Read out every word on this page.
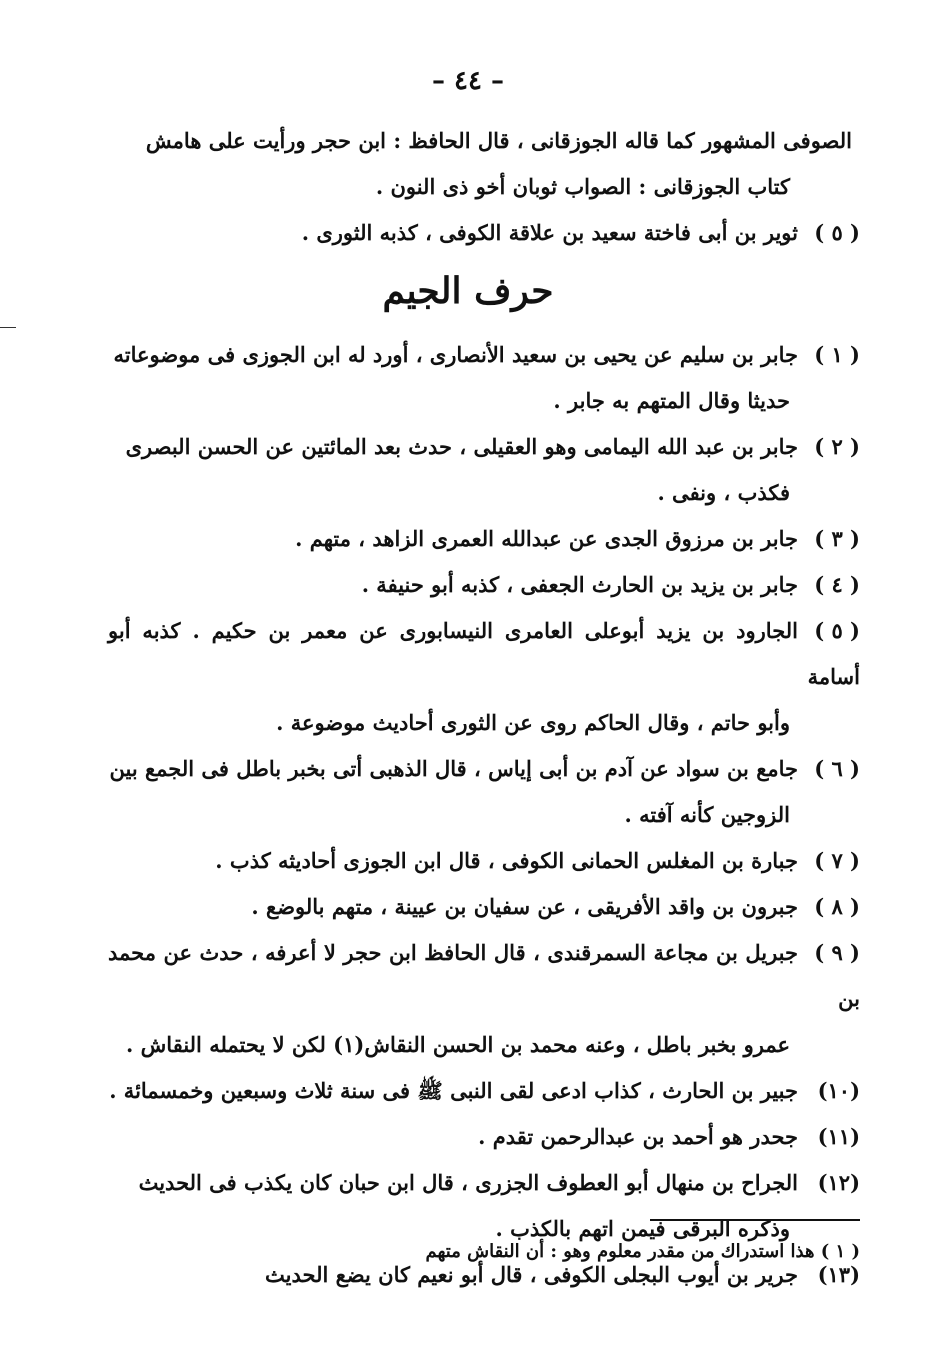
– ٤٤ –

الصوفى المشهور كما قاله الجوزقانى ، قال الحافظ : ابن حجر ورأيت على هامش

كتاب الجوزقانى : الصواب ثوبان أخو ذى النون .

( ٥ )ثوير بن أبى فاختة سعيد بن علاقة الكوفى ، كذبه الثورى .

حرف الجيم
( ١ )جابر بن سليم عن يحيى بن سعيد الأنصارى ، أورد له ابن الجوزى فى موضوعاته
حديثا وقال المتهم به جابر .
( ٢ )جابر بن عبد الله اليمامى وهو العقيلى ، حدث بعد المائتين عن الحسن البصرى
فكذب ، ونفى .
( ٣ )جابر بن مرزوق الجدى عن عبدالله العمرى الزاهد ، متهم .
( ٤ )جابر بن يزيد بن الحارث الجعفى ، كذبه أبو حنيفة .
( ٥ )الجارود بن يزيد أبوعلى العامرى النيسابورى عن معمر بن حكيم . كذبه أبو أسامة
وأبو حاتم ، وقال الحاكم روى عن الثورى أحاديث موضوعة .
( ٦ )جامع بن سواد عن آدم بن أبى إياس ، قال الذهبى أتى بخبر باطل فى الجمع بين
الزوجين كأنه آفته .
( ٧ )جبارة بن المغلس الحمانى الكوفى ، قال ابن الجوزى أحاديثه كذب .
( ٨ )جبرون بن واقد الأفريقى ، عن سفيان بن عيينة ، متهم بالوضع .
( ٩ )جبريل بن مجاعة السمرقندى ، قال الحافظ ابن حجر لا أعرفه ، حدث عن محمد بن
عمرو بخبر باطل ، وعنه محمد بن الحسن النقاش(١) لكن لا يحتمله النقاش .
(١٠)جبير بن الحارث ، كذاب ادعى لقى النبى ﷺ فى سنة ثلاث وسبعين وخمسمائة .
(١١)جحدر هو أحمد بن عبدالرحمن تقدم .
(١٢)الجراح بن منهال أبو العطوف الجزرى ، قال ابن حبان كان يكذب فى الحديث
وذكره البرقى فيمن اتهم بالكذب .
(١٣)جرير بن أيوب البجلى الكوفى ، قال أبو نعيم كان يضع الحديث
( ١ ) هذا استدراك من مقدر معلوم وهو : أن النقاش متهم
